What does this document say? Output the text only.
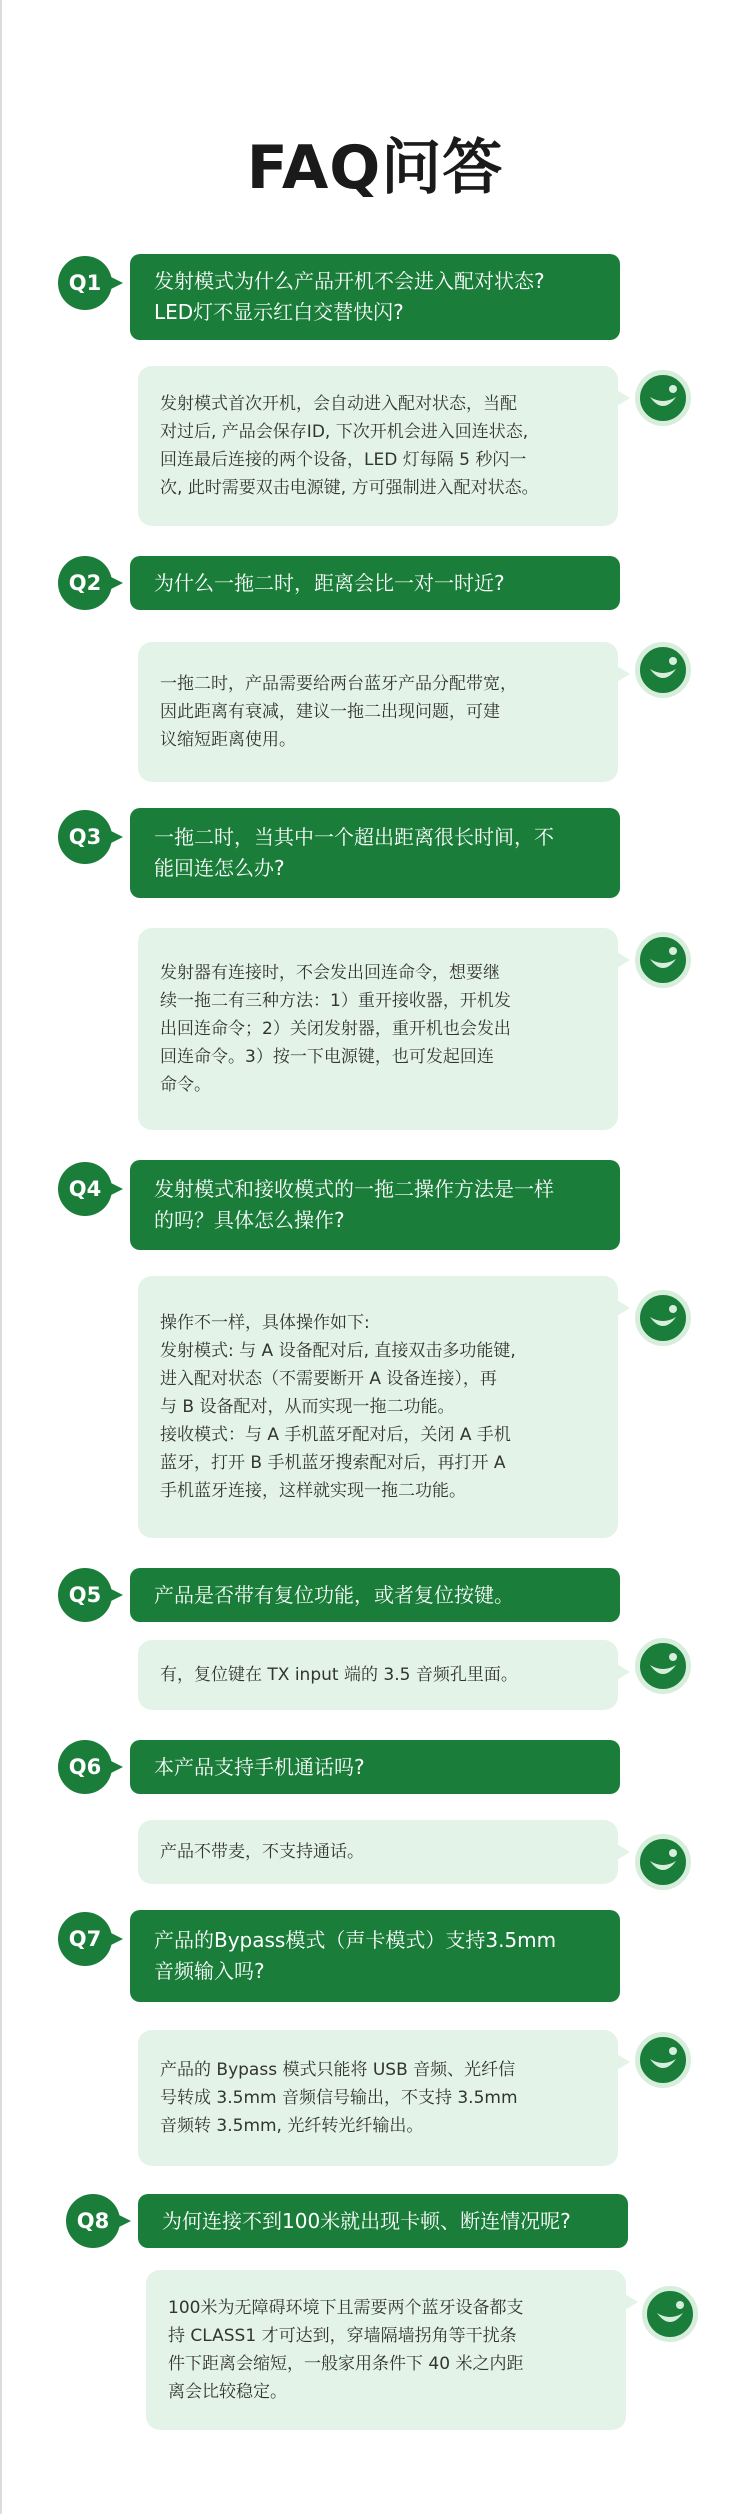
FAQ问答
Q1	发射模式为什么产品开机不会进入配对状态?
LED灯不显示红白交替快闪?
发射模式首次开机，会自动进入配对状态，当配
对过后, 产品会保存ID, 下次开机会进入回连状态,
回连最后连接的两个设备，LED 灯每隔 5 秒闪一
次, 此时需要双击电源键, 方可强制进入配对状态。
Q2	为什么一拖二时，距离会比一对一时近?
一拖二时，产品需要给两台蓝牙产品分配带宽，
因此距离有衰减，建议一拖二出现问题，可建
议缩短距离使用。
Q3	一拖二时，当其中一个超出距离很长时间，不
能回连怎么办?
发射器有连接时，不会发出回连命令，想要继
续一拖二有三种方法：1）重开接收器，开机发
出回连命令；2）关闭发射器，重开机也会发出
回连命令。3）按一下电源键，也可发起回连
命令。
Q4	发射模式和接收模式的一拖二操作方法是一样
的吗？具体怎么操作?
操作不一样，具体操作如下:
发射模式: 与 A 设备配对后, 直接双击多功能键,
进入配对状态（不需要断开 A 设备连接），再
与 B 设备配对，从而实现一拖二功能。
接收模式：与 A 手机蓝牙配对后，关闭 A 手机
蓝牙，打开 B 手机蓝牙搜索配对后，再打开 A
手机蓝牙连接，这样就实现一拖二功能。
Q5	产品是否带有复位功能，或者复位按键。
有，复位键在 TX input 端的 3.5 音频孔里面。
Q6	本产品支持手机通话吗?
产品不带麦，不支持通话。
Q7	产品的Bypass模式（声卡模式）支持3.5mm
音频输入吗?
产品的 Bypass 模式只能将 USB 音频、光纤信
号转成 3.5mm 音频信号输出，不支持 3.5mm
音频转 3.5mm, 光纤转光纤输出。
Q8	为何连接不到100米就出现卡顿、断连情况呢?
100米为无障碍环境下且需要两个蓝牙设备都支
持 CLASS1 才可达到，穿墙隔墙拐角等干扰条
件下距离会缩短，一般家用条件下 40 米之内距
离会比较稳定。
